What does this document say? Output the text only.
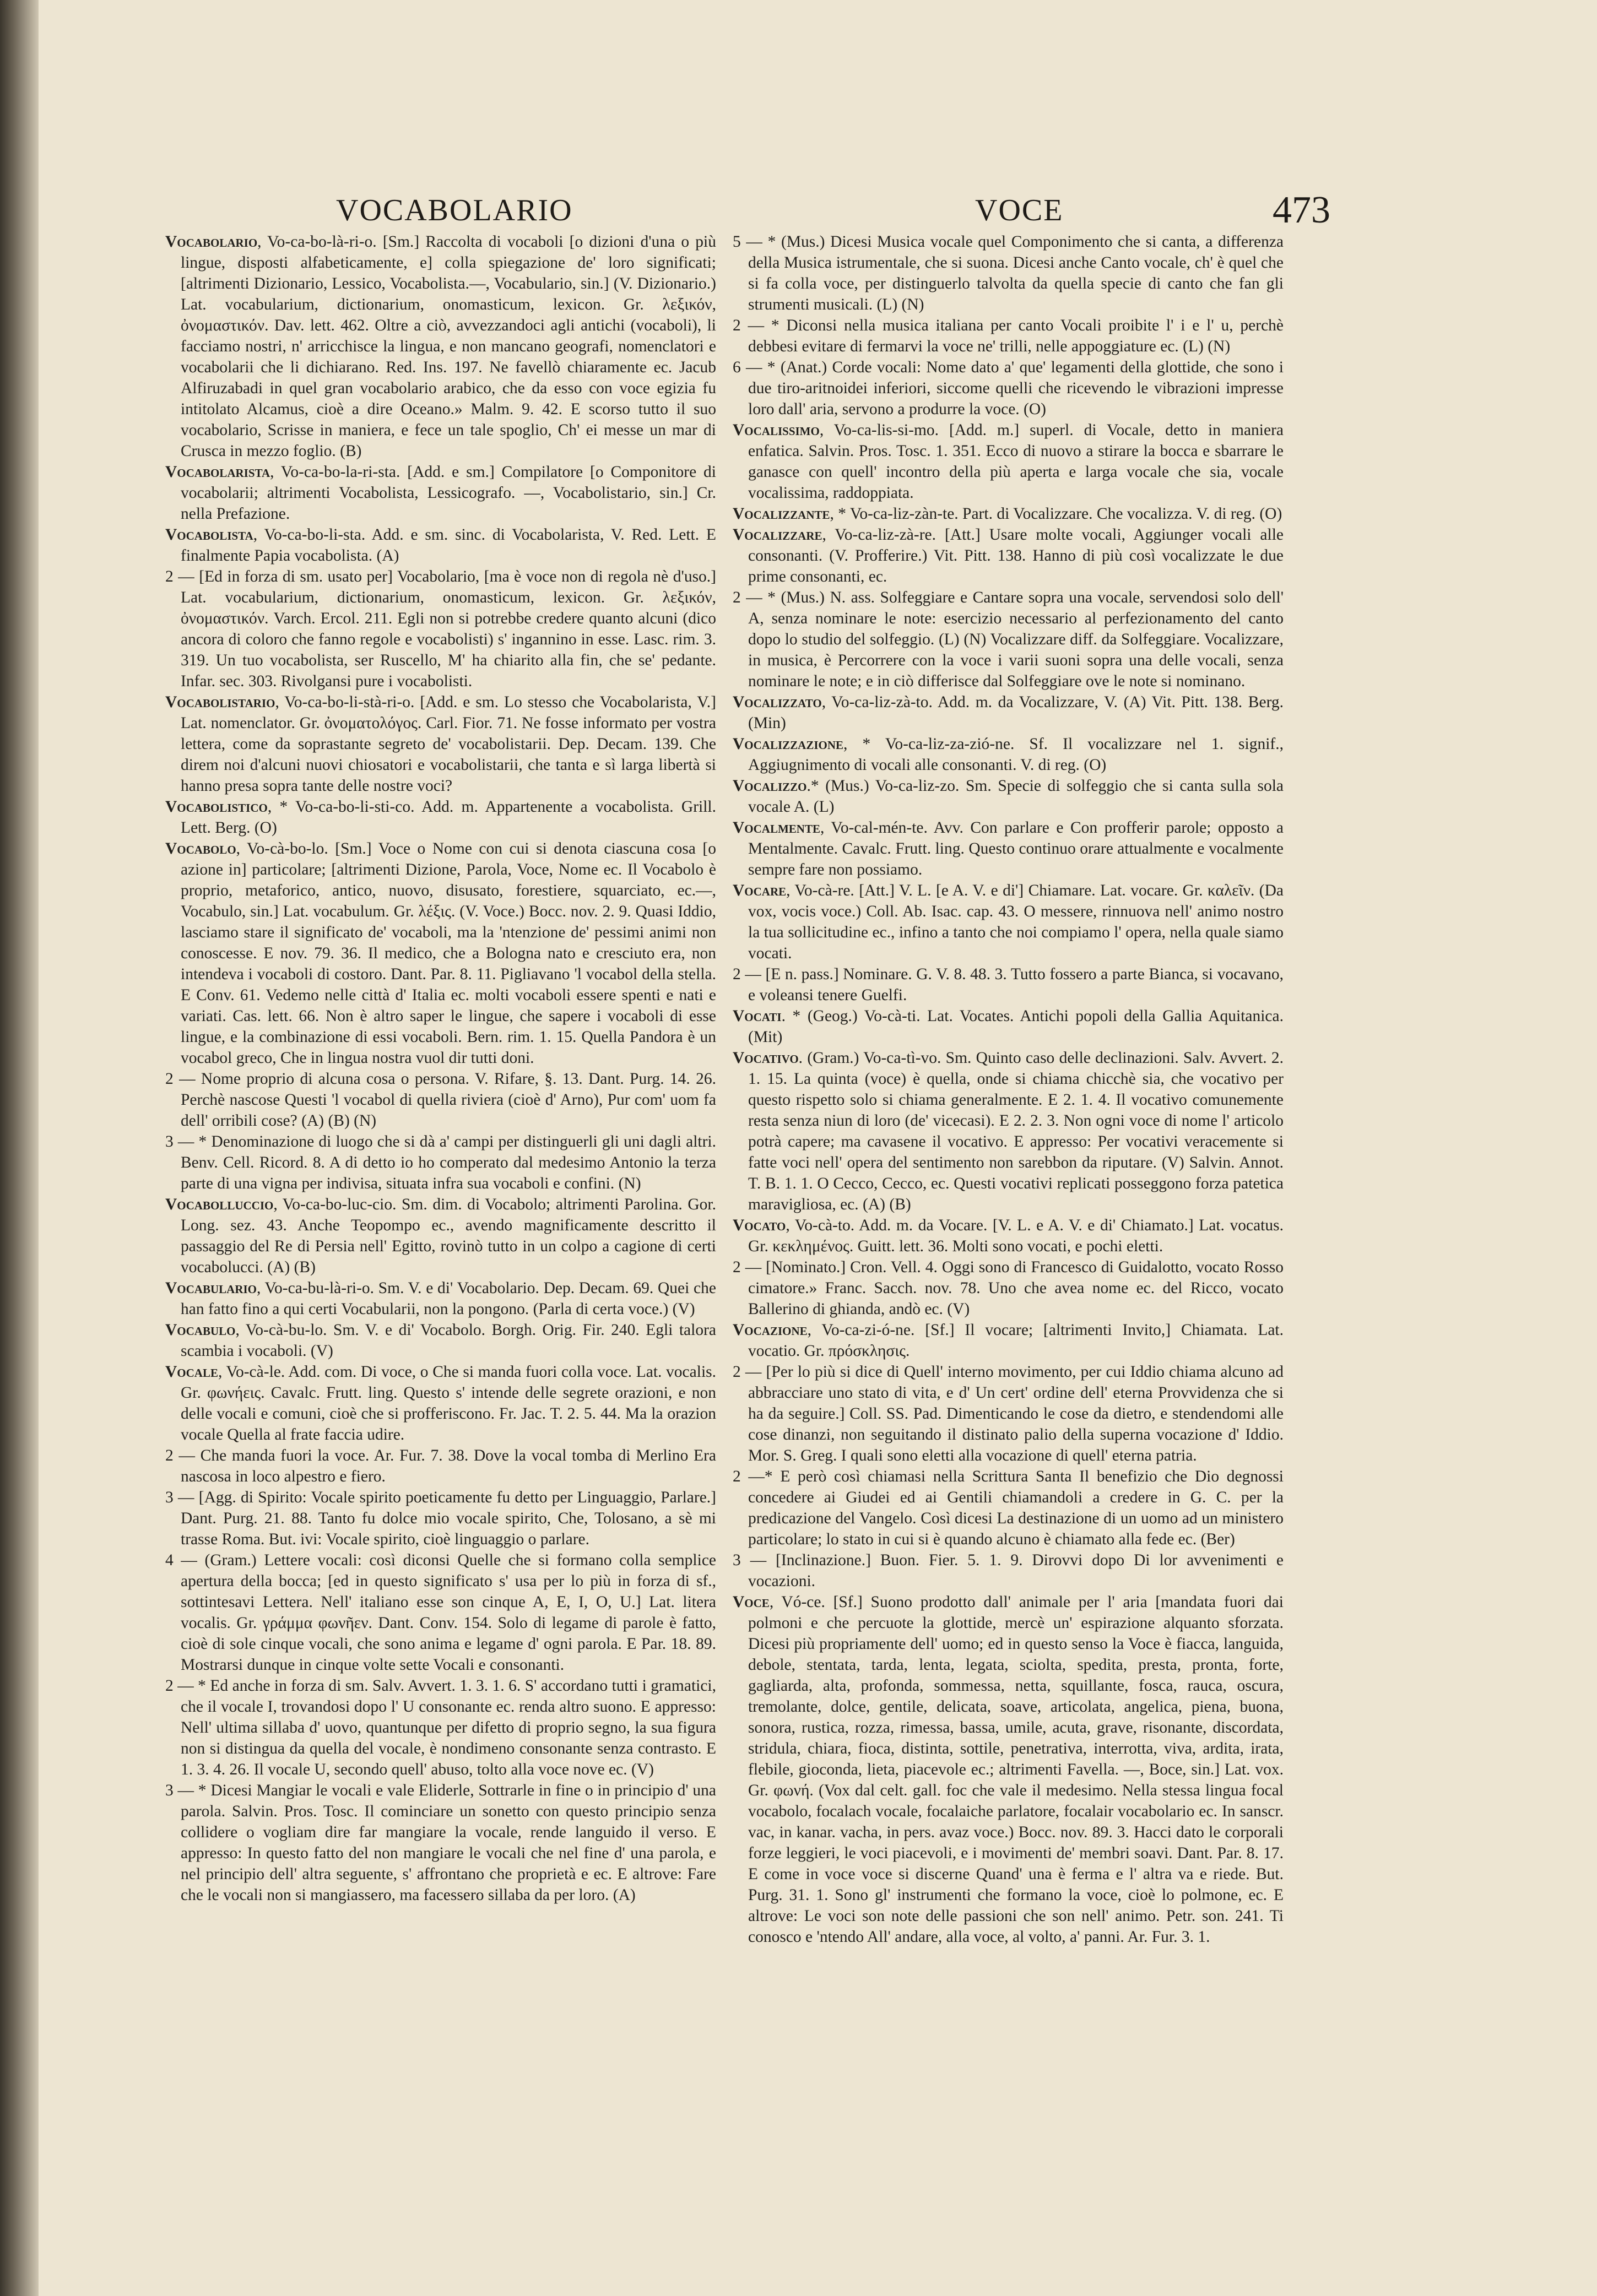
VOCABOLARIO	VOCE	473

Vocabolario, Vo-ca-bo-là-ri-o. [Sm.] Raccolta di vocaboli [o dizioni d'una o più lingue, disposti alfabeticamente, e] colla spiegazione de' loro significati; [altrimenti Dizionario, Lessico, Vocabolista.—, Vocabulario, sin.] (V. Dizionario.) Lat. vocabularium, dictionarium, onomasticum, lexicon. Gr. λεξικόν, ὀνομαστικόν. Dav. lett. 462. Oltre a ciò, avvezzandoci agli antichi (vocaboli), li facciamo nostri, n' arricchisce la lingua, e non mancano geografi, nomenclatori e vocabolarii che li dichiarano. Red. Ins. 197. Ne favellò chiaramente ec. Jacub Alfiruzabadi in quel gran vocabolario arabico, che da esso con voce egizia fu intitolato Alcamus, cioè a dire Oceano.» Malm. 9. 42. E scorso tutto il suo vocabolario, Scrisse in maniera, e fece un tale spoglio, Ch' ei messe un mar di Crusca in mezzo foglio. (B)

Vocabolarista, Vo-ca-bo-la-ri-sta. [Add. e sm.] Compilatore [o Componitore di vocabolarii; altrimenti Vocabolista, Lessicografo. —, Vocabolistario, sin.] Cr. nella Prefazione.

Vocabolista, Vo-ca-bo-li-sta. Add. e sm. sinc. di Vocabolarista, V. Red. Lett. E finalmente Papia vocabolista. (A)

2 — [Ed in forza di sm. usato per] Vocabolario, [ma è voce non di regola nè d'uso.] Lat. vocabularium, dictionarium, onomasticum, lexicon. Gr. λεξικόν, ὀνομαστικόν. Varch. Ercol. 211. Egli non si potrebbe credere quanto alcuni (dico ancora di coloro che fanno regole e vocabolisti) s' ingannino in esse. Lasc. rim. 3. 319. Un tuo vocabolista, ser Ruscello, M' ha chiarito alla fin, che se' pedante. Infar. sec. 303. Rivolgansi pure i vocabolisti.

Vocabolistario, Vo-ca-bo-li-stà-ri-o. [Add. e sm. Lo stesso che Vocabolarista, V.] Lat. nomenclator. Gr. ὀνοματολόγος. Carl. Fior. 71. Ne fosse informato per vostra lettera, come da soprastante segreto de' vocabolistarii. Dep. Decam. 139. Che direm noi d'alcuni nuovi chiosatori e vocabolistarii, che tanta e sì larga libertà si hanno presa sopra tante delle nostre voci?

Vocabolistico, * Vo-ca-bo-li-sti-co. Add. m. Appartenente a vocabolista. Grill. Lett. Berg. (O)

Vocabolo, Vo-cà-bo-lo. [Sm.] Voce o Nome con cui si denota ciascuna cosa [o azione in] particolare; [altrimenti Dizione, Parola, Voce, Nome ec. Il Vocabolo è proprio, metaforico, antico, nuovo, disusato, forestiere, squarciato, ec.—, Vocabulo, sin.] Lat. vocabulum. Gr. λέξις. (V. Voce.) Bocc. nov. 2. 9. Quasi Iddio, lasciamo stare il significato de' vocaboli, ma la 'ntenzione de' pessimi animi non conoscesse. E nov. 79. 36. Il medico, che a Bologna nato e cresciuto era, non intendeva i vocaboli di costoro. Dant. Par. 8. 11. Pigliavano 'l vocabol della stella. E Conv. 61. Vedemo nelle città d' Italia ec. molti vocaboli essere spenti e nati e variati. Cas. lett. 66. Non è altro saper le lingue, che sapere i vocaboli di esse lingue, e la combinazione di essi vocaboli. Bern. rim. 1. 15. Quella Pandora è un vocabol greco, Che in lingua nostra vuol dir tutti doni.

2 — Nome proprio di alcuna cosa o persona. V. Rifare, §. 13. Dant. Purg. 14. 26. Perchè nascose Questi 'l vocabol di quella riviera (cioè d' Arno), Pur com' uom fa dell' orribili cose? (A) (B) (N)

3 — * Denominazione di luogo che si dà a' campi per distinguerli gli uni dagli altri. Benv. Cell. Ricord. 8. A di detto io ho comperato dal medesimo Antonio la terza parte di una vigna per indivisa, situata infra sua vocaboli e confini. (N)

Vocabolluccio, Vo-ca-bo-luc-cio. Sm. dim. di Vocabolo; altrimenti Parolina. Gor. Long. sez. 43. Anche Teopompo ec., avendo magnificamente descritto il passaggio del Re di Persia nell' Egitto, rovinò tutto in un colpo a cagione di certi vocabolucci. (A) (B)

Vocabulario, Vo-ca-bu-là-ri-o. Sm. V. e di' Vocabolario. Dep. Decam. 69. Quei che han fatto fino a qui certi Vocabularii, non la pongono. (Parla di certa voce.) (V)

Vocabulo, Vo-cà-bu-lo. Sm. V. e di' Vocabolo. Borgh. Orig. Fir. 240. Egli talora scambia i vocaboli. (V)

Vocale, Vo-cà-le. Add. com. Di voce, o Che si manda fuori colla voce. Lat. vocalis. Gr. φωνήεις. Cavalc. Frutt. ling. Questo s' intende delle segrete orazioni, e non delle vocali e comuni, cioè che si profferiscono. Fr. Jac. T. 2. 5. 44. Ma la orazion vocale Quella al frate faccia udire.

2 — Che manda fuori la voce. Ar. Fur. 7. 38. Dove la vocal tomba di Merlino Era nascosa in loco alpestro e fiero.

3 — [Agg. di Spirito: Vocale spirito poeticamente fu detto per Linguaggio, Parlare.] Dant. Purg. 21. 88. Tanto fu dolce mio vocale spirito, Che, Tolosano, a sè mi trasse Roma. But. ivi: Vocale spirito, cioè linguaggio o parlare.

4 — (Gram.) Lettere vocali: così diconsi Quelle che si formano colla semplice apertura della bocca; [ed in questo significato s' usa per lo più in forza di sf., sottintesavi Lettera. Nell' italiano esse son cinque A, E, I, O, U.] Lat. litera vocalis. Gr. γράμμα φωνῆεν. Dant. Conv. 154. Solo di legame di parole è fatto, cioè di sole cinque vocali, che sono anima e legame d' ogni parola. E Par. 18. 89. Mostrarsi dunque in cinque volte sette Vocali e consonanti.

2 — * Ed anche in forza di sm. Salv. Avvert. 1. 3. 1. 6. S' accordano tutti i gramatici, che il vocale I, trovandosi dopo l' U consonante ec. renda altro suono. E appresso: Nell' ultima sillaba d' uovo, quantunque per difetto di proprio segno, la sua figura non si distingua da quella del vocale, è nondimeno consonante senza contrasto. E 1. 3. 4. 26. Il vocale U, secondo quell' abuso, tolto alla voce nove ec. (V)

3 — * Dicesi Mangiar le vocali e vale Eliderle, Sottrarle in fine o in principio d' una parola. Salvin. Pros. Tosc. Il cominciare un sonetto con questo principio senza collidere o vogliam dire far mangiare la vocale, rende languido il verso. E appresso: In questo fatto del non mangiare le vocali che nel fine d' una parola, e nel principio dell' altra seguente, s' affrontano che proprietà e ec. E altrove: Fare che le vocali non si mangiassero, ma facessero sillaba da per loro. (A)

5 — * (Mus.) Dicesi Musica vocale quel Componimento che si canta, a differenza della Musica istrumentale, che si suona. Dicesi anche Canto vocale, ch' è quel che si fa colla voce, per distinguerlo talvolta da quella specie di canto che fan gli strumenti musicali. (L) (N)

2 — * Diconsi nella musica italiana per canto Vocali proibite l' i e l' u, perchè debbesi evitare di fermarvi la voce ne' trilli, nelle appoggiature ec. (L) (N)

6 — * (Anat.) Corde vocali: Nome dato a' que' legamenti della glottide, che sono i due tiro-aritnoidei inferiori, siccome quelli che ricevendo le vibrazioni impresse loro dall' aria, servono a produrre la voce. (O)

Vocalissimo, Vo-ca-lis-si-mo. [Add. m.] superl. di Vocale, detto in maniera enfatica. Salvin. Pros. Tosc. 1. 351. Ecco di nuovo a stirare la bocca e sbarrare le ganasce con quell' incontro della più aperta e larga vocale che sia, vocale vocalissima, raddoppiata.

Vocalizzante, * Vo-ca-liz-zàn-te. Part. di Vocalizzare. Che vocalizza. V. di reg. (O)

Vocalizzare, Vo-ca-liz-zà-re. [Att.] Usare molte vocali, Aggiunger vocali alle consonanti. (V. Profferire.) Vit. Pitt. 138. Hanno di più così vocalizzate le due prime consonanti, ec.

2 — * (Mus.) N. ass. Solfeggiare e Cantare sopra una vocale, servendosi solo dell' A, senza nominare le note: esercizio necessario al perfezionamento del canto dopo lo studio del solfeggio. (L) (N) Vocalizzare diff. da Solfeggiare. Vocalizzare, in musica, è Percorrere con la voce i varii suoni sopra una delle vocali, senza nominare le note; e in ciò differisce dal Solfeggiare ove le note si nominano.

Vocalizzato, Vo-ca-liz-zà-to. Add. m. da Vocalizzare, V. (A) Vit. Pitt. 138. Berg. (Min)

Vocalizzazione, * Vo-ca-liz-za-zió-ne. Sf. Il vocalizzare nel 1. signif., Aggiugnimento di vocali alle consonanti. V. di reg. (O)

Vocalizzo.* (Mus.) Vo-ca-liz-zo. Sm. Specie di solfeggio che si canta sulla sola vocale A. (L)

Vocalmente, Vo-cal-mén-te. Avv. Con parlare e Con profferir parole; opposto a Mentalmente. Cavalc. Frutt. ling. Questo continuo orare attualmente e vocalmente sempre fare non possiamo.

Vocare, Vo-cà-re. [Att.] V. L. [e A. V. e di'] Chiamare. Lat. vocare. Gr. καλεῖν. (Da vox, vocis voce.) Coll. Ab. Isac. cap. 43. O messere, rinnuova nell' animo nostro la tua sollicitudine ec., infino a tanto che noi compiamo l' opera, nella quale siamo vocati.

2 — [E n. pass.] Nominare. G. V. 8. 48. 3. Tutto fossero a parte Bianca, si vocavano, e voleansi tenere Guelfi.

Vocati. * (Geog.) Vo-cà-ti. Lat. Vocates. Antichi popoli della Gallia Aquitanica. (Mit)

Vocativo. (Gram.) Vo-ca-tì-vo. Sm. Quinto caso delle declinazioni. Salv. Avvert. 2. 1. 15. La quinta (voce) è quella, onde si chiama chicchè sia, che vocativo per questo rispetto solo si chiama generalmente. E 2. 1. 4. Il vocativo comunemente resta senza niun di loro (de' vicecasi). E 2. 2. 3. Non ogni voce di nome l' articolo potrà capere; ma cavasene il vocativo. E appresso: Per vocativi veracemente si fatte voci nell' opera del sentimento non sarebbon da riputare. (V) Salvin. Annot. T. B. 1. 1. O Cecco, Cecco, ec. Questi vocativi replicati posseggono forza patetica maravigliosa, ec. (A) (B)

Vocato, Vo-cà-to. Add. m. da Vocare. [V. L. e A. V. e di' Chiamato.] Lat. vocatus. Gr. κεκλημένος. Guitt. lett. 36. Molti sono vocati, e pochi eletti.

2 — [Nominato.] Cron. Vell. 4. Oggi sono di Francesco di Guidalotto, vocato Rosso cimatore.» Franc. Sacch. nov. 78. Uno che avea nome ec. del Ricco, vocato Ballerino di ghianda, andò ec. (V)

Vocazione, Vo-ca-zi-ó-ne. [Sf.] Il vocare; [altrimenti Invito,] Chiamata. Lat. vocatio. Gr. πρόσκλησις.

2 — [Per lo più si dice di Quell' interno movimento, per cui Iddio chiama alcuno ad abbracciare uno stato di vita, e d' Un cert' ordine dell' eterna Provvidenza che si ha da seguire.] Coll. SS. Pad. Dimenticando le cose da dietro, e stendendomi alle cose dinanzi, non seguitando il distinato palio della superna vocazione d' Iddio. Mor. S. Greg. I quali sono eletti alla vocazione di quell' eterna patria.

2 —* E però così chiamasi nella Scrittura Santa Il benefizio che Dio degnossi concedere ai Giudei ed ai Gentili chiamandoli a credere in G. C. per la predicazione del Vangelo. Così dicesi La destinazione di un uomo ad un ministero particolare; lo stato in cui si è quando alcuno è chiamato alla fede ec. (Ber)

3 — [Inclinazione.] Buon. Fier. 5. 1. 9. Dirovvi dopo Di lor avvenimenti e vocazioni.

Voce, Vó-ce. [Sf.] Suono prodotto dall' animale per l' aria [mandata fuori dai polmoni e che percuote la glottide, mercè un' espirazione alquanto sforzata. Dicesi più propriamente dell' uomo; ed in questo senso la Voce è fiacca, languida, debole, stentata, tarda, lenta, legata, sciolta, spedita, presta, pronta, forte, gagliarda, alta, profonda, sommessa, netta, squillante, fosca, rauca, oscura, tremolante, dolce, gentile, delicata, soave, articolata, angelica, piena, buona, sonora, rustica, rozza, rimessa, bassa, umile, acuta, grave, risonante, discordata, stridula, chiara, fioca, distinta, sottile, penetrativa, interrotta, viva, ardita, irata, flebile, gioconda, lieta, piacevole ec.; altrimenti Favella. —, Boce, sin.] Lat. vox. Gr. φωνή. (Vox dal celt. gall. foc che vale il medesimo. Nella stessa lingua focal vocabolo, focalach vocale, focalaiche parlatore, focalair vocabolario ec. In sanscr. vac, in kanar. vacha, in pers. avaz voce.) Bocc. nov. 89. 3. Hacci dato le corporali forze leggieri, le voci piacevoli, e i movimenti de' membri soavi. Dant. Par. 8. 17. E come in voce voce si discerne Quand' una è ferma e l' altra va e riede. But. Purg. 31. 1. Sono gl' instrumenti che formano la voce, cioè lo polmone, ec. E altrove: Le voci son note delle passioni che son nell' animo. Petr. son. 241. Ti conosco e 'ntendo All' andare, alla voce, al volto, a' panni. Ar. Fur. 3. 1.
